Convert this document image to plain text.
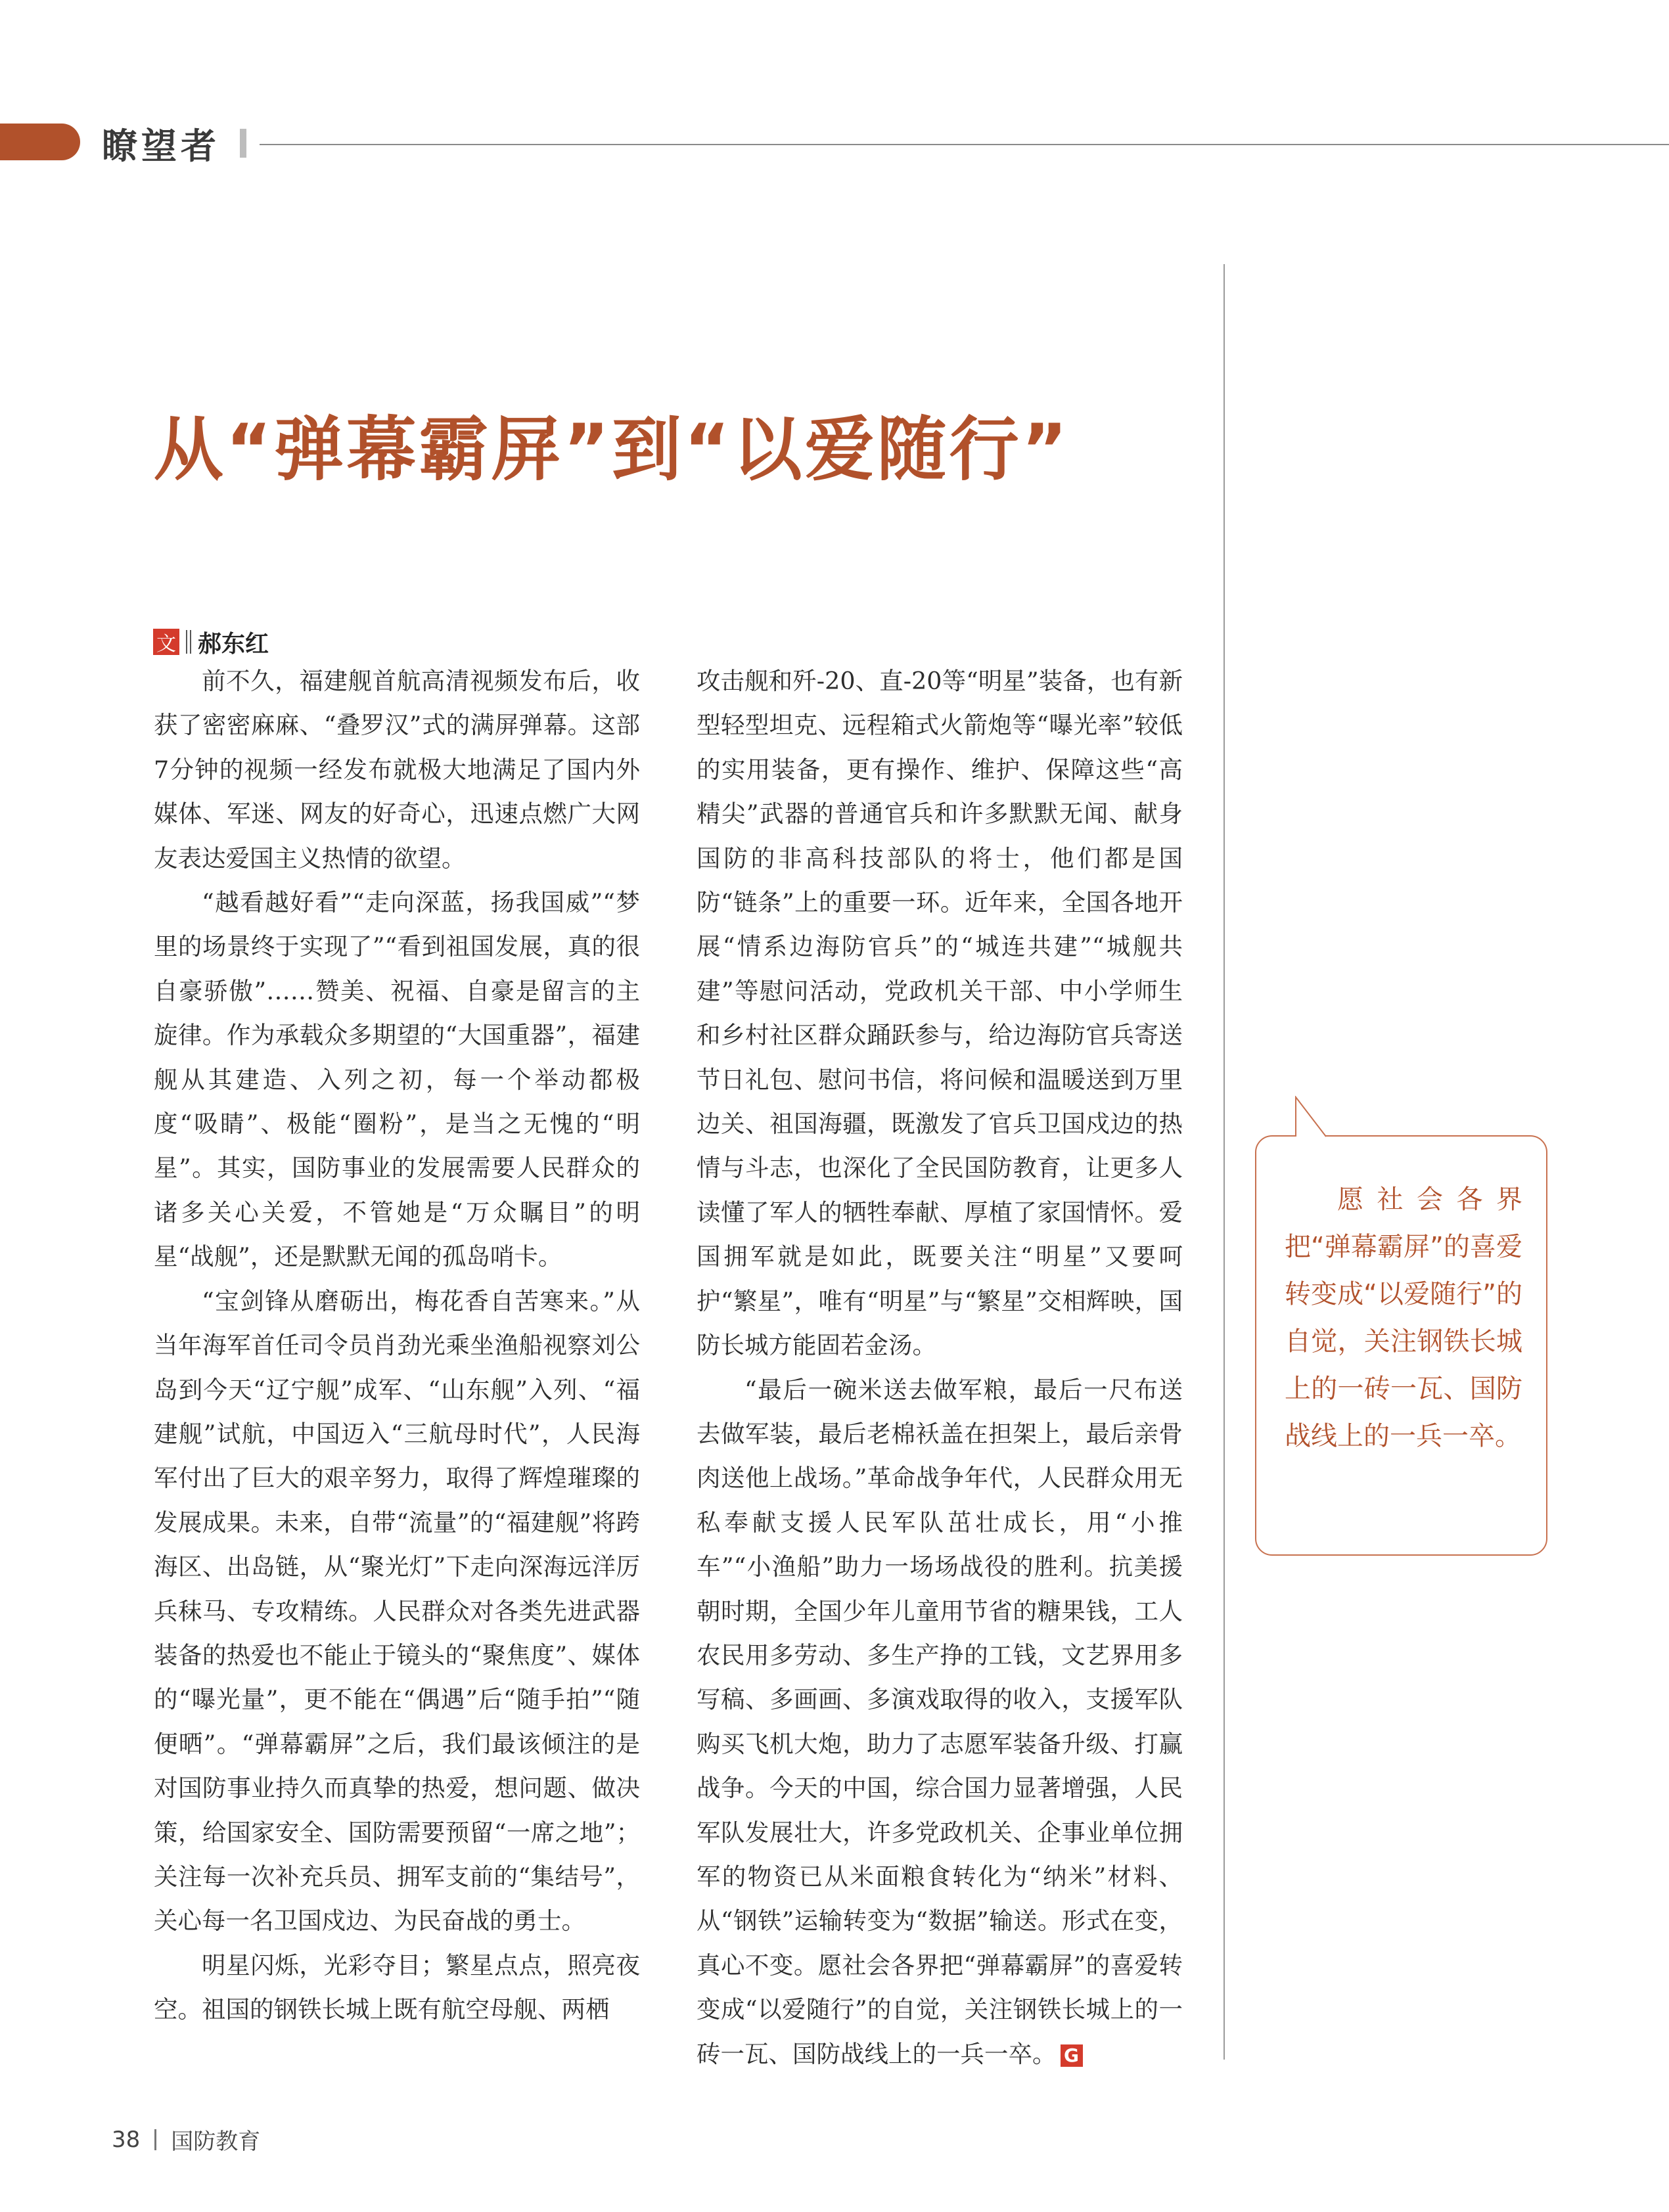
瞭望者
从“弹幕霸屏”到“以爱随行”
文 郝东红

前不久，福建舰首航高清视频发布后，收获了密密麻麻、“叠罗汉”式的满屏弹幕。这部7分钟的视频一经发布就极大地满足了国内外媒体、军迷、网友的好奇心，迅速点燃广大网友表达爱国主义热情的欲望。

“越看越好看”“走向深蓝，扬我国威”“梦里的场景终于实现了”“看到祖国发展，真的很自豪骄傲”……赞美、祝福、自豪是留言的主旋律。作为承载众多期望的“大国重器”，福建舰从其建造、入列之初，每一个举动都极度“吸睛”、极能“圈粉”，是当之无愧的“明星”。其实，国防事业的发展需要人民群众的诸多关心关爱，不管她是“万众瞩目”的明星“战舰”，还是默默无闻的孤岛哨卡。

“宝剑锋从磨砺出，梅花香自苦寒来。”从当年海军首任司令员肖劲光乘坐渔船视察刘公岛到今天“辽宁舰”成军、“山东舰”入列、“福建舰”试航，中国迈入“三航母时代”，人民海军付出了巨大的艰辛努力，取得了辉煌璀璨的发展成果。未来，自带“流量”的“福建舰”将跨海区、出岛链，从“聚光灯”下走向深海远洋厉兵秣马、专攻精练。人民群众对各类先进武器装备的热爱也不能止于镜头的“聚焦度”、媒体的“曝光量”，更不能在“偶遇”后“随手拍”“随便晒”。“弹幕霸屏”之后，我们最该倾注的是对国防事业持久而真挚的热爱，想问题、做决策，给国家安全、国防需要预留“一席之地”；关注每一次补充兵员、拥军支前的“集结号”，关心每一名卫国戍边、为民奋战的勇士。

明星闪烁，光彩夺目；繁星点点，照亮夜空。祖国的钢铁长城上既有航空母舰、两栖

攻击舰和歼-20、直-20等“明星”装备，也有新型轻型坦克、远程箱式火箭炮等“曝光率”较低的实用装备，更有操作、维护、保障这些“高精尖”武器的普通官兵和许多默默无闻、献身国防的非高科技部队的将士，他们都是国防“链条”上的重要一环。近年来，全国各地开展“情系边海防官兵”的“城连共建”“城舰共建”等慰问活动，党政机关干部、中小学师生和乡村社区群众踊跃参与，给边海防官兵寄送节日礼包、慰问书信，将问候和温暖送到万里边关、祖国海疆，既激发了官兵卫国戍边的热情与斗志，也深化了全民国防教育，让更多人读懂了军人的牺牲奉献、厚植了家国情怀。爱国拥军就是如此，既要关注“明星”又要呵护“繁星”，唯有“明星”与“繁星”交相辉映，国防长城方能固若金汤。

“最后一碗米送去做军粮，最后一尺布送去做军装，最后老棉袄盖在担架上，最后亲骨肉送他上战场。”革命战争年代，人民群众用无私奉献支援人民军队茁壮成长，用“小推车”“小渔船”助力一场场战役的胜利。抗美援朝时期，全国少年儿童用节省的糖果钱，工人农民用多劳动、多生产挣的工钱，文艺界用多写稿、多画画、多演戏取得的收入，支援军队购买飞机大炮，助力了志愿军装备升级、打赢战争。今天的中国，综合国力显著增强，人民军队发展壮大，许多党政机关、企事业单位拥军的物资已从米面粮食转化为“纳米”材料、从“钢铁”运输转变为“数据”输送。形式在变，真心不变。愿社会各界把“弹幕霸屏”的喜爱转变成“以爱随行”的自觉，关注钢铁长城上的一砖一瓦、国防战线上的一兵一卒。 G

愿社会各界把“弹幕霸屏”的喜爱转变成“以爱随行”的自觉，关注钢铁长城上的一砖一瓦、国防战线上的一兵一卒。
38 国防教育
